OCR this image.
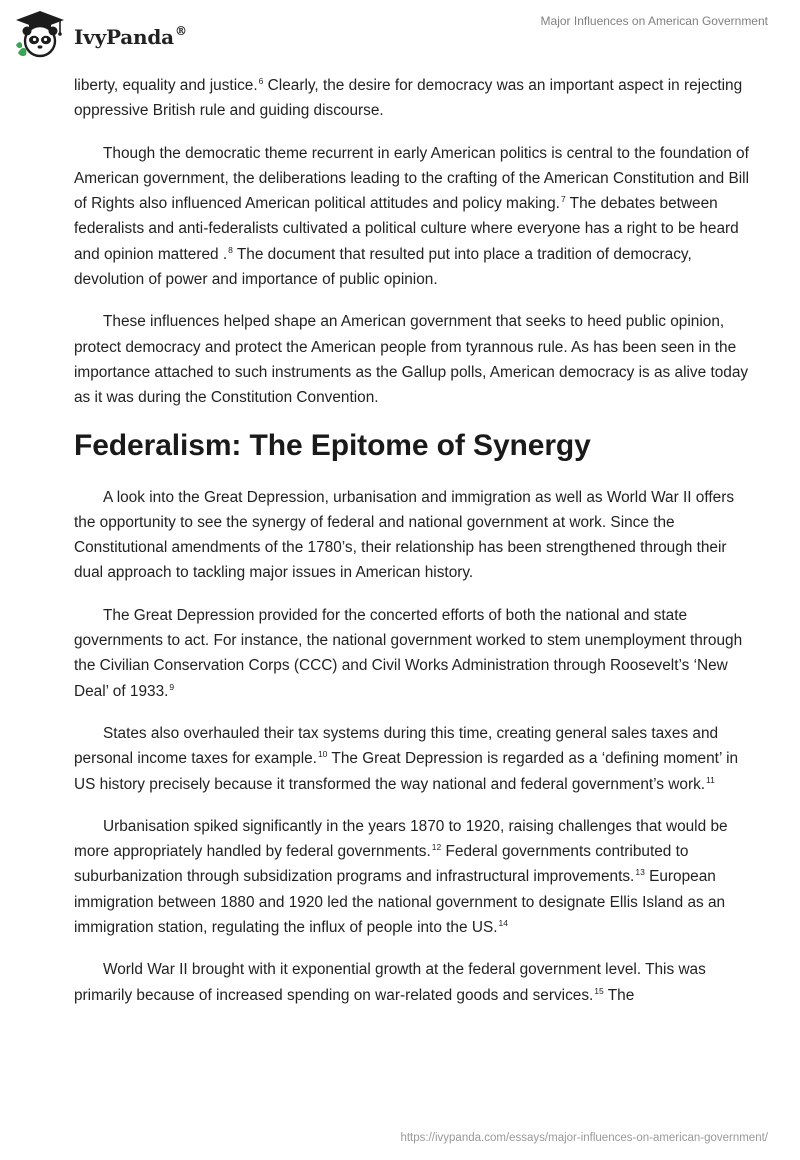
IvyPanda®
Major Influences on American Government

liberty, equality and justice.$^6$ Clearly, the desire for democracy was an important aspect in rejecting oppressive British rule and guiding discourse.

Though the democratic theme recurrent in early American politics is central to the foundation of American government, the deliberations leading to the crafting of the American Constitution and Bill of Rights also influenced American political attitudes and policy making.$^7$ The debates between federalists and anti-federalists cultivated a political culture where everyone has a right to be heard and opinion mattered .$^8$ The document that resulted put into place a tradition of democracy, devolution of power and importance of public opinion.

These influences helped shape an American government that seeks to heed public opinion, protect democracy and protect the American people from tyrannous rule. As has been seen in the importance attached to such instruments as the Gallup polls, American democracy is as alive today as it was during the Constitution Convention.

Federalism: The Epitome of Synergy

A look into the Great Depression, urbanisation and immigration as well as World War II offers the opportunity to see the synergy of federal and national government at work. Since the Constitutional amendments of the 1780’s, their relationship has been strengthened through their dual approach to tackling major issues in American history.

The Great Depression provided for the concerted efforts of both the national and state governments to act. For instance, the national government worked to stem unemployment through the Civilian Conservation Corps (CCC) and Civil Works Administration through Roosevelt’s ‘New Deal’ of 1933.$^9$

States also overhauled their tax systems during this time, creating general sales taxes and personal income taxes for example.$^{10}$ The Great Depression is regarded as a ‘defining moment’ in US history precisely because it transformed the way national and federal government’s work.$^{11}$

Urbanisation spiked significantly in the years 1870 to 1920, raising challenges that would be more appropriately handled by federal governments.$^{12}$ Federal governments contributed to suburbanization through subsidization programs and infrastructural improvements.$^{13}$ European immigration between 1880 and 1920 led the national government to designate Ellis Island as an immigration station, regulating the influx of people into the US.$^{14}$

World War II brought with it exponential growth at the federal government level. This was primarily because of increased spending on war-related goods and services.$^{15}$ The

https://ivypanda.com/essays/major-influences-on-american-government/
